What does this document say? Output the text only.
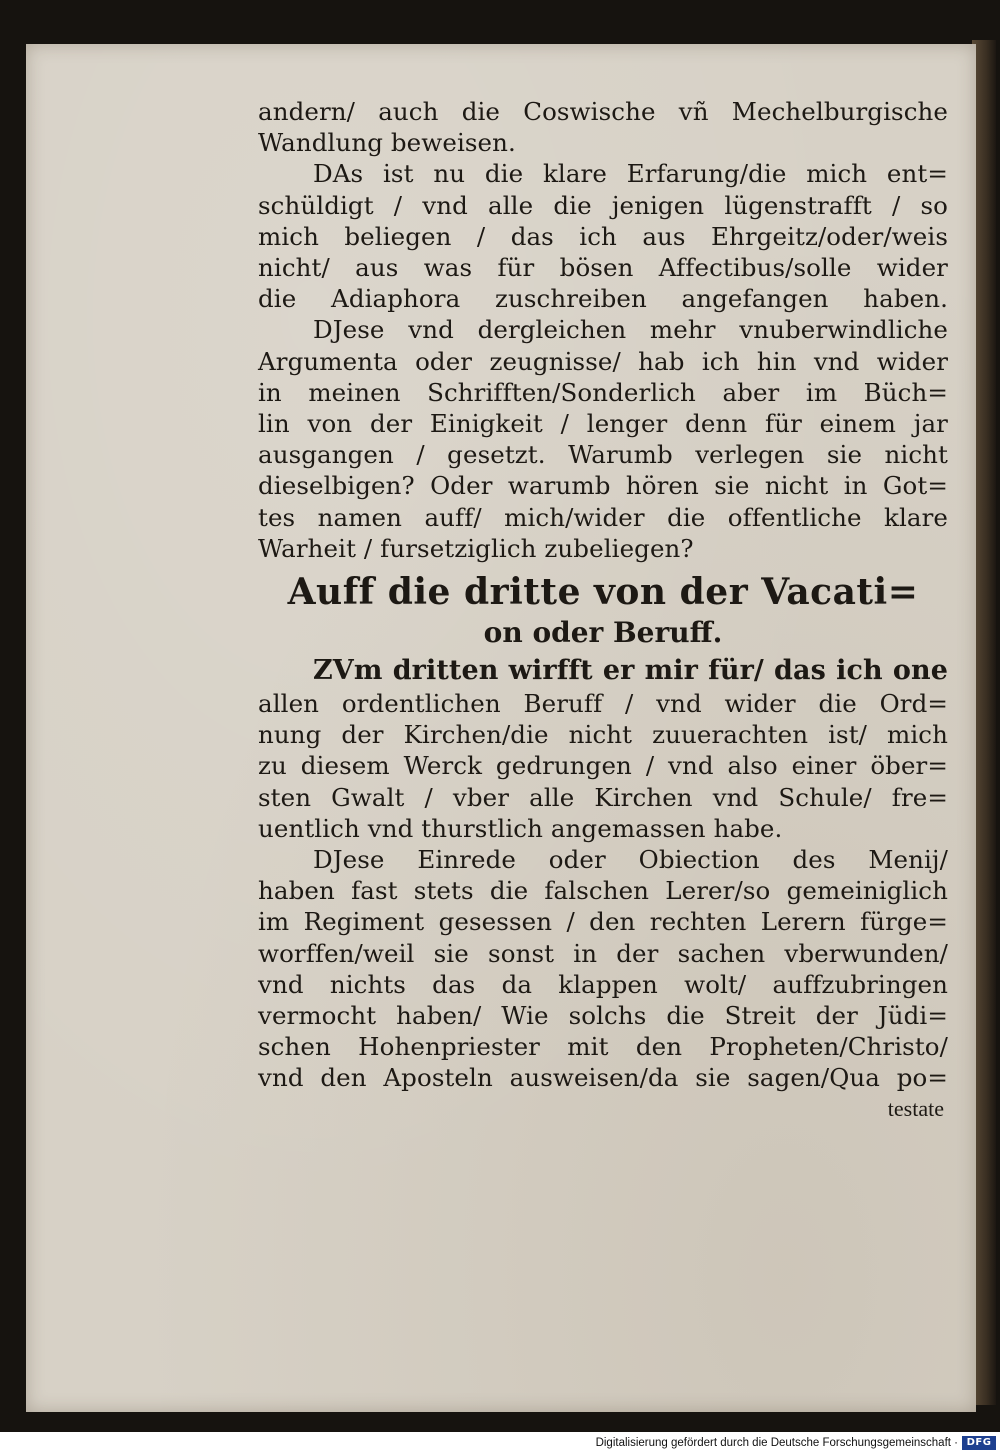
andern/ auch die Coswische vñ Mechelburgische
Wandlung beweisen.
DAs ist nu die klare Erfarung/die mich ent=
schüldigt / vnd alle die jenigen lügenstrafft / so
mich beliegen / das ich aus Ehrgeitz/oder/weis
nicht/ aus was für bösen Affectibus/solle wider
die Adiaphora zuschreiben angefangen haben.
DJese vnd dergleichen mehr vnuberwindliche
Argumenta oder zeugnisse/ hab ich hin vnd wider
in meinen Schrifften/Sonderlich aber im Büch=
lin von der Einigkeit / lenger denn für einem jar
ausgangen / gesetzt. Warumb verlegen sie nicht
dieselbigen? Oder warumb hören sie nicht in Got=
tes namen auff/ mich/wider die offentliche klare
Warheit / fursetziglich zubeliegen?
Auff die dritte von der Vacati=
on oder Beruff.
ZVm dritten wirfft er mir für/ das ich one
allen ordentlichen Beruff / vnd wider die Ord=
nung der Kirchen/die nicht zuuerachten ist/ mich
zu diesem Werck gedrungen / vnd also einer öber=
sten Gwalt / vber alle Kirchen vnd Schule/ fre=
uentlich vnd thurstlich angemassen habe.
DJese Einrede oder Obiection des Menij/
haben fast stets die falschen Lerer/so gemeiniglich
im Regiment gesessen / den rechten Lerern fürge=
worffen/weil sie sonst in der sachen vberwunden/
vnd nichts das da klappen wolt/ auffzubringen
vermocht haben/ Wie solchs die Streit der Jüdi=
schen Hohenpriester mit den Propheten/Christo/
vnd den Aposteln ausweisen/da sie sagen/Qua po=
testate
Digitalisierung gefördert durch die Deutsche Forschungsgemeinschaft · DFG
